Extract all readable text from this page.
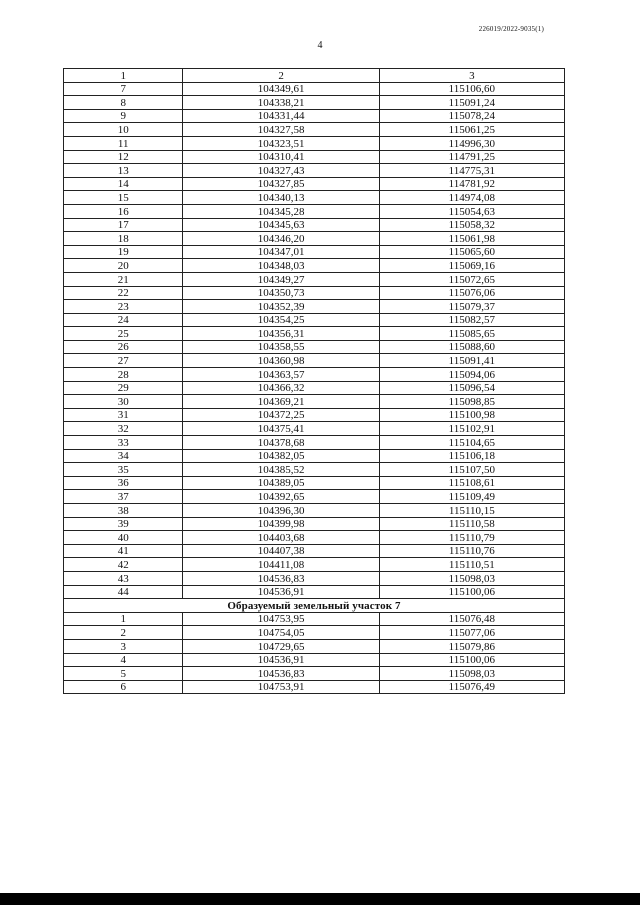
226019/2022-9035(1)
4
1	2	3
7	104349,61	115106,60
8	104338,21	115091,24
9	104331,44	115078,24
10	104327,58	115061,25
11	104323,51	114996,30
12	104310,41	114791,25
13	104327,43	114775,31
14	104327,85	114781,92
15	104340,13	114974,08
16	104345,28	115054,63
17	104345,63	115058,32
18	104346,20	115061,98
19	104347,01	115065,60
20	104348,03	115069,16
21	104349,27	115072,65
22	104350,73	115076,06
23	104352,39	115079,37
24	104354,25	115082,57
25	104356,31	115085,65
26	104358,55	115088,60
27	104360,98	115091,41
28	104363,57	115094,06
29	104366,32	115096,54
30	104369,21	115098,85
31	104372,25	115100,98
32	104375,41	115102,91
33	104378,68	115104,65
34	104382,05	115106,18
35	104385,52	115107,50
36	104389,05	115108,61
37	104392,65	115109,49
38	104396,30	115110,15
39	104399,98	115110,58
40	104403,68	115110,79
41	104407,38	115110,76
42	104411,08	115110,51
43	104536,83	115098,03
44	104536,91	115100,06
Образуемый земельный участок 7		
1	104753,95	115076,48
2	104754,05	115077,06
3	104729,65	115079,86
4	104536,91	115100,06
5	104536,83	115098,03
6	104753,91	115076,49
